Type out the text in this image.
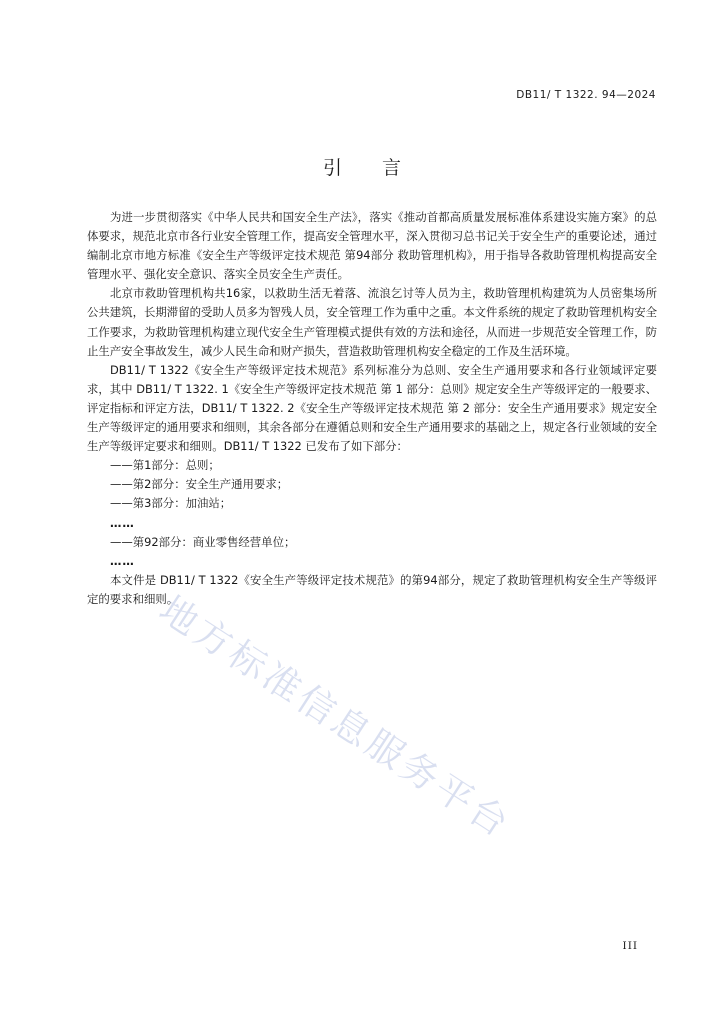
DB11/ T 1322. 94—2024
引 言

为进一步贯彻落实《中华人民共和国安全生产法》，落实《推动首都高质量发展标准体系建设实施方案》的总体要求，规范北京市各行业安全管理工作，提高安全管理水平，深入贯彻习总书记关于安全生产的重要论述，通过编制北京市地方标准《安全生产等级评定技术规范 第94部分 救助管理机构》，用于指导各救助管理机构提高安全管理水平、强化安全意识、落实全员安全生产责任。

北京市救助管理机构共16家，以救助生活无着落、流浪乞讨等人员为主，救助管理机构建筑为人员密集场所公共建筑，长期滞留的受助人员多为智残人员，安全管理工作为重中之重。本文件系统的规定了救助管理机构安全工作要求，为救助管理机构建立现代安全生产管理模式提供有效的方法和途径，从而进一步规范安全管理工作，防止生产安全事故发生，减少人民生命和财产损失，营造救助管理机构安全稳定的工作及生活环境。

DB11/ T 1322《安全生产等级评定技术规范》系列标准分为总则、安全生产通用要求和各行业领域评定要求，其中 DB11/ T 1322. 1《安全生产等级评定技术规范 第 1 部分：总则》规定安全生产等级评定的一般要求、评定指标和评定方法，DB11/ T 1322. 2《安全生产等级评定技术规范 第 2 部分：安全生产通用要求》规定安全生产等级评定的通用要求和细则，其余各部分在遵循总则和安全生产通用要求的基础之上，规定各行业领域的安全生产等级评定要求和细则。DB11/ T 1322 已发布了如下部分：

——第1部分：总则；

——第2部分：安全生产通用要求；

——第3部分：加油站；

……

——第92部分：商业零售经营单位；

……

本文件是 DB11/ T 1322《安全生产等级评定技术规范》的第94部分，规定了救助管理机构安全生产等级评定的要求和细则。

地方标准信息服务平台
III
